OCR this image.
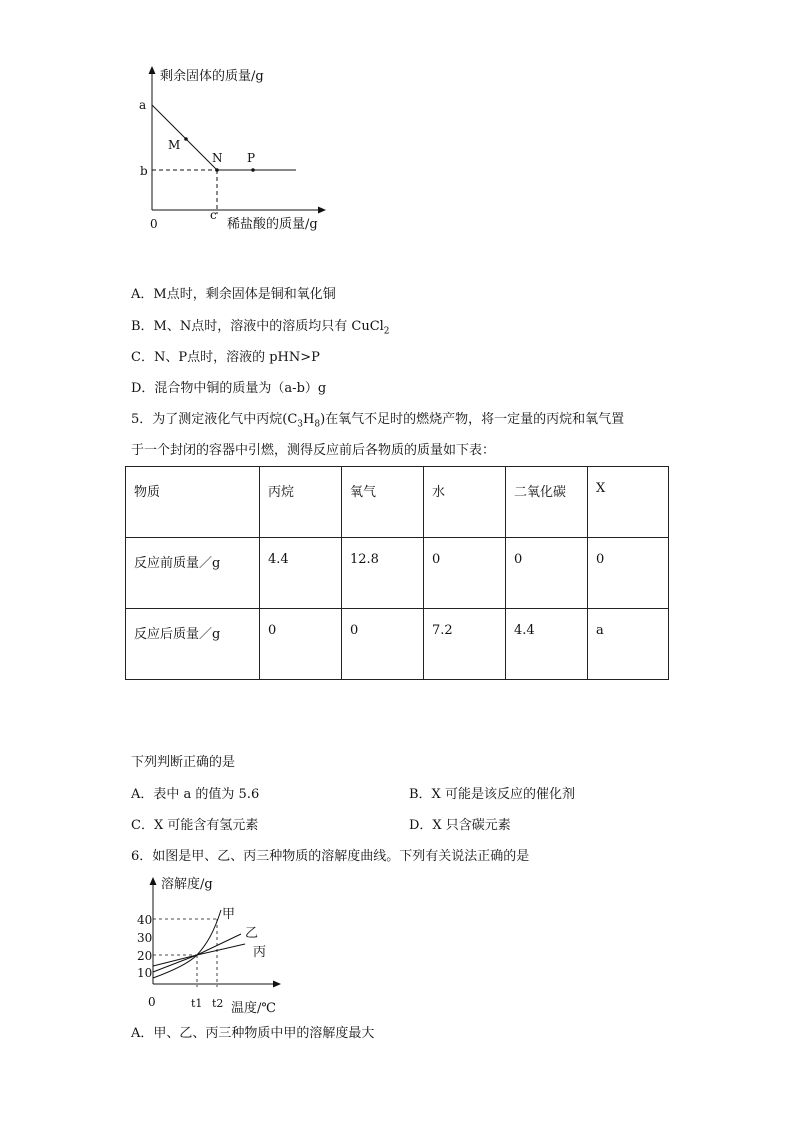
剩余固体的质量/g
稀盐酸的质量/g
0
a
b
c
M
N P
A．M点时，剩余固体是铜和氧化铜
B．M、N点时，溶液中的溶质均只有 CuCl$_2$
C．N、P点时，溶液的 pHN>P
D．混合物中铜的质量为（a-b）g
5．为了测定液化气中丙烷$(C_3H_8)$在氧气不足时的燃烧产物，将一定量的丙烷和氧气置
于一个封闭的容器中引燃，测得反应前后各物质的质量如下表：
物质	丙烷	氧气	水	二氧化碳	X
反应前质量／g	4.4	12.8	0	0	0
反应后质量／g	0	0	7.2	4.4	a
下列判断正确的是
A．表中 a 的值为 5.6	B．X 可能是该反应的催化剂
C．X 可能含有氢元素	D．X 只含碳元素
6．如图是甲、乙、丙三种物质的溶解度曲线。下列有关说法正确的是
溶解度/g
温度/℃
0
40
30
20
10
t1 t2
甲
乙
丙
A．甲、乙、丙三种物质中甲的溶解度最大
